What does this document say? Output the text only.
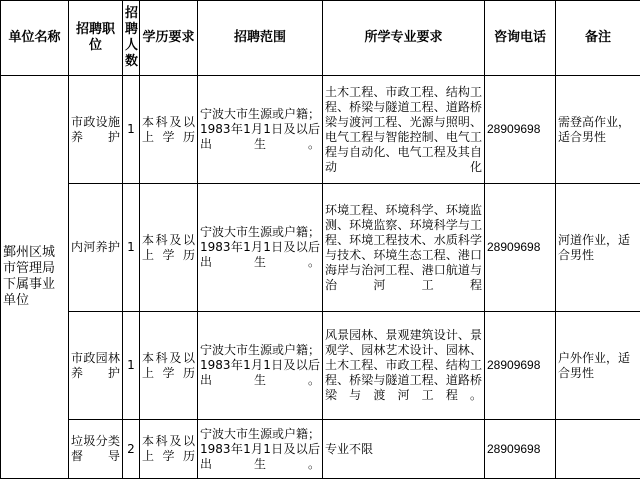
单位名称	招聘职位	招聘人数	学历要求	招聘范围	所学专业要求	咨询电话	备注
鄞州区城市管理局下属事业单位	市政设施养护	1	本科及以上学历	宁波大市生源或户籍；1983年1月1日及以后出生。	土木工程、市政工程、结构工程、桥梁与隧道工程、道路桥梁与渡河工程、光源与照明、电气工程与智能控制、电气工程与自动化、电气工程及其自动化	28909698	需登高作业，适合男性
	内河养护	1	本科及以上学历	宁波大市生源或户籍；1983年1月1日及以后出生。	环境工程、环境科学、环境监测、环境监察、环境科学与工程、环境工程技术、水质科学与技术、环境生态工程、港口海岸与治河工程、港口航道与治河工程	28909698	河道作业，适合男性
	市政园林养护	1	本科及以上学历	宁波大市生源或户籍；1983年1月1日及以后出生。	风景园林、景观建筑设计、景观学、园林艺术设计、园林、土木工程、市政工程、结构工程、桥梁与隧道工程、道路桥梁与渡河工程。	28909698	户外作业，适合男性
	垃圾分类督导	2	本科及以上学历	宁波大市生源或户籍；1983年1月1日及以后出生。	专业不限	28909698	
